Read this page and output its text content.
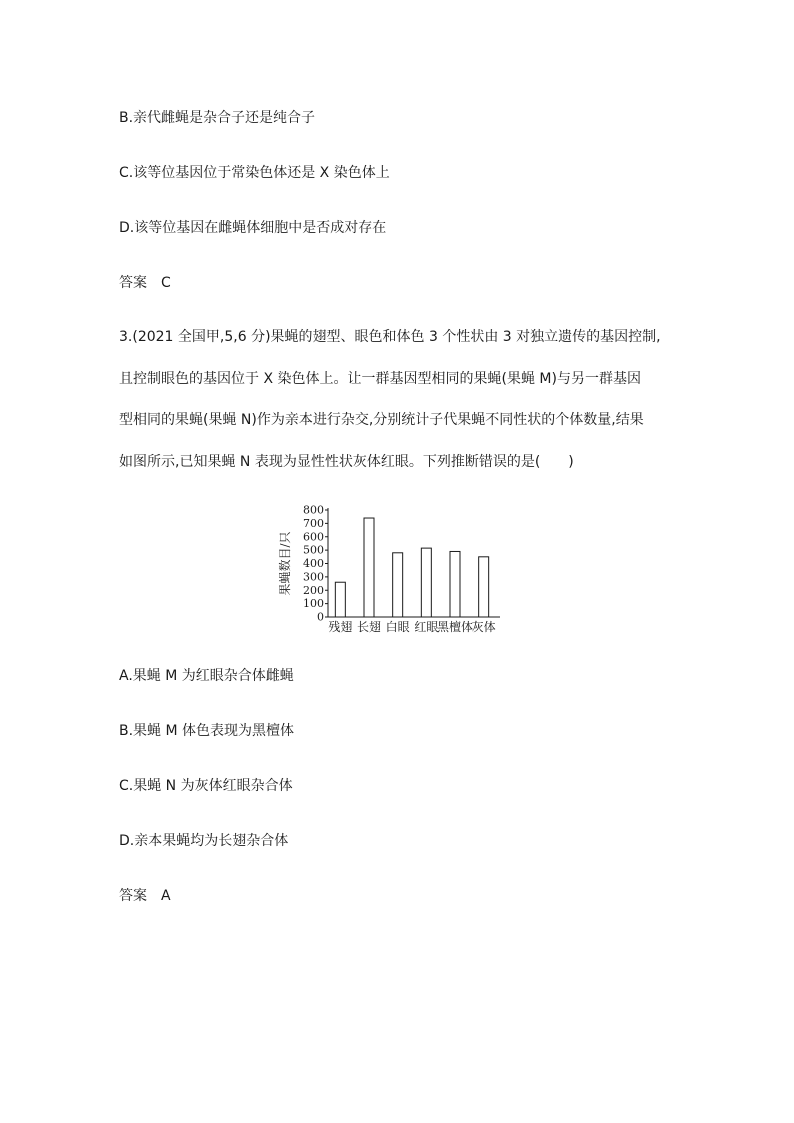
B.亲代雌蝇是杂合子还是纯合子
C.该等位基因位于常染色体还是 X 染色体上
D.该等位基因在雌蝇体细胞中是否成对存在
答案　C
3.(2021 全国甲,5,6 分)果蝇的翅型、眼色和体色 3 个性状由 3 对独立遗传的基因控制,
且控制眼色的基因位于 X 染色体上。让一群基因型相同的果蝇(果蝇 M)与另一群基因
型相同的果蝇(果蝇 N)作为亲本进行杂交,分别统计子代果蝇不同性状的个体数量,结果
如图所示,已知果蝇 N 表现为显性性状灰体红眼。下列推断错误的是(　　)
0
100
200
300
400
500
600
700
800
果蝇数目/只
残翅 长翅 白眼 红眼
黑檀体
灰体
A.果蝇 M 为红眼杂合体雌蝇
B.果蝇 M 体色表现为黑檀体
C.果蝇 N 为灰体红眼杂合体
D.亲本果蝇均为长翅杂合体
答案　A
